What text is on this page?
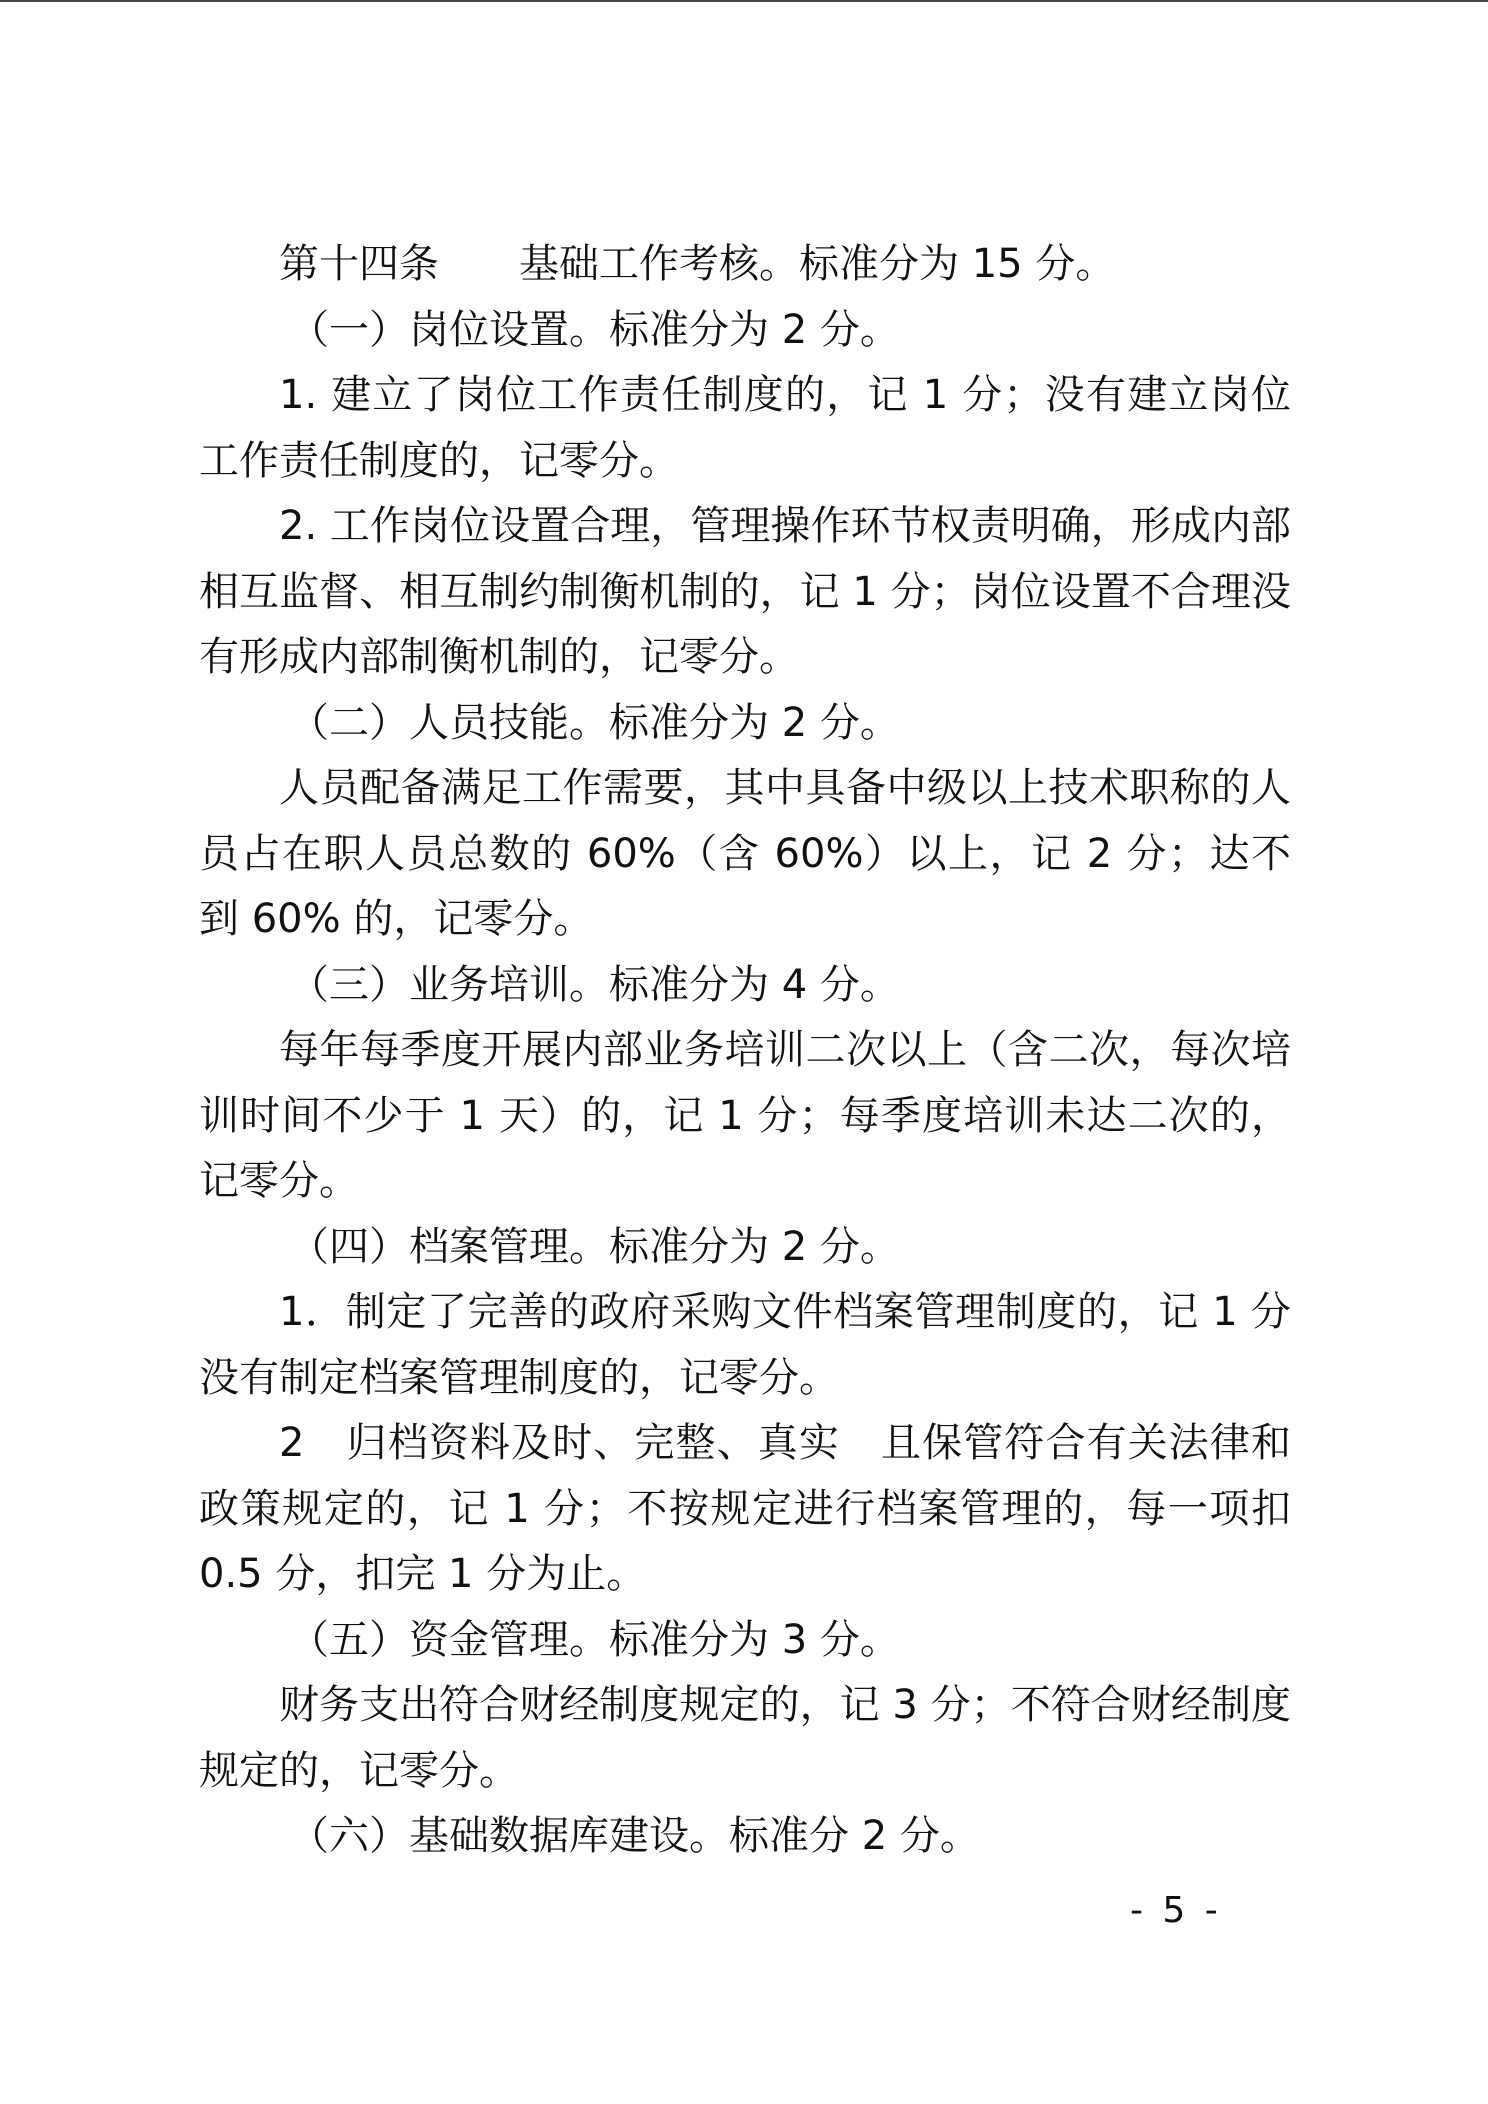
第十四条 基础工作考核。标准分为 15 分。

（一）岗位设置。标准分为 2 分。

1. 建立了岗位工作责任制度的，记 1 分；没有建立岗位工作责任制度的，记零分。

2. 工作岗位设置合理，管理操作环节权责明确，形成内部相互监督、相互制约制衡机制的，记 1 分；岗位设置不合理没有形成内部制衡机制的，记零分。

（二）人员技能。标准分为 2 分。

人员配备满足工作需要，其中具备中级以上技术职称的人员占在职人员总数的 60%（含 60%）以上，记 2 分；达不到 60% 的，记零分。

（三）业务培训。标准分为 4 分。

每年每季度开展内部业务培训二次以上（含二次，每次培训时间不少于 1 天）的，记 1 分；每季度培训未达二次的，记零分。

（四）档案管理。标准分为 2 分。

1．制定了完善的政府采购文件档案管理制度的，记 1 分没有制定档案管理制度的，记零分。

2　归档资料及时、完整、真实　且保管符合有关法律和政策规定的，记 1 分；不按规定进行档案管理的，每一项扣 0.5 分，扣完 1 分为止。

（五）资金管理。标准分为 3 分。

财务支出符合财经制度规定的，记 3 分；不符合财经制度规定的，记零分。

（六）基础数据库建设。标准分 2 分。

- 5 -
